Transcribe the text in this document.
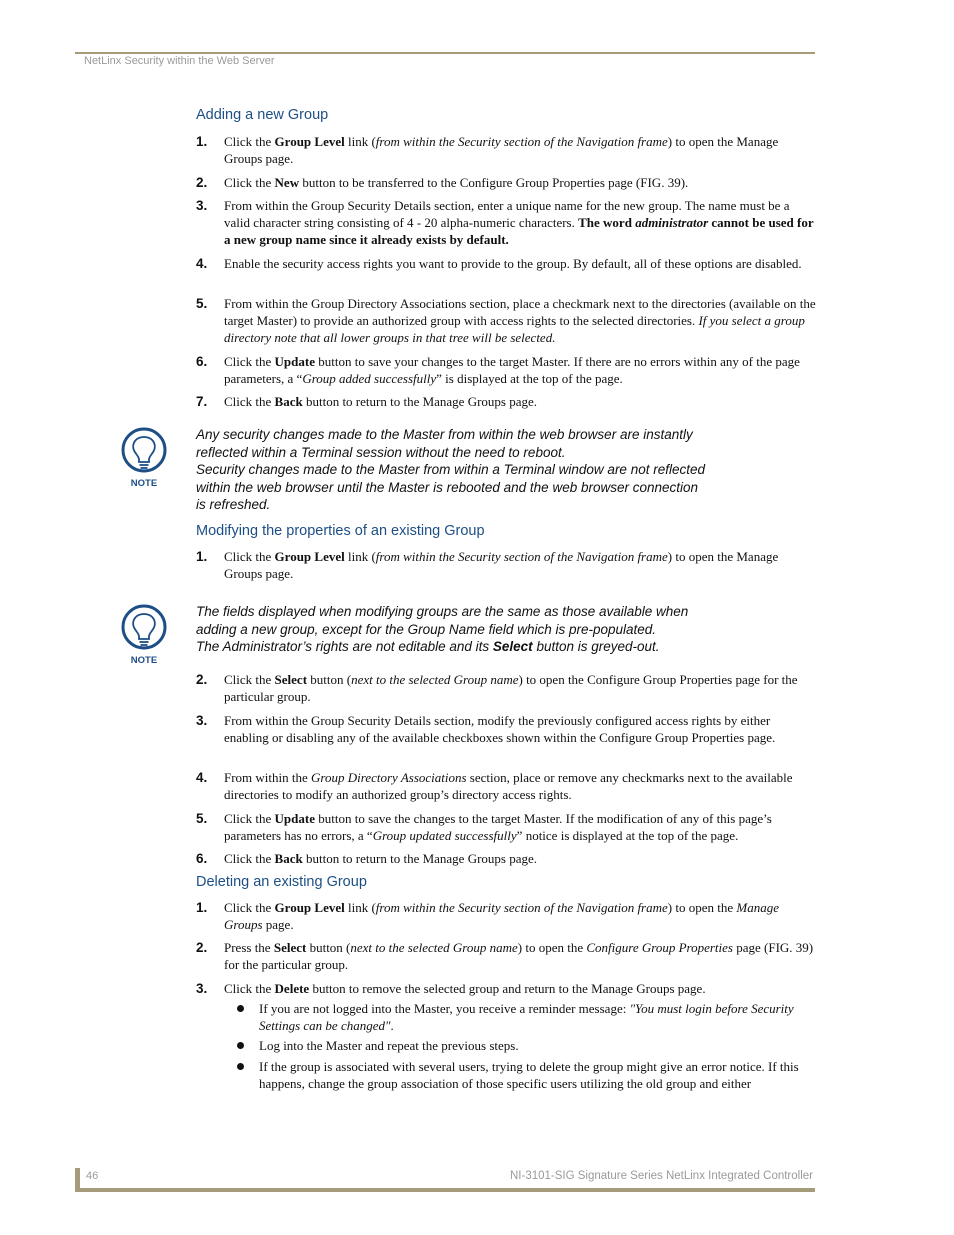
NetLinx Security within the Web Server
Adding a new Group
1. Click the Group Level link (from within the Security section of the Navigation frame) to open the Manage Groups page.
2. Click the New button to be transferred to the Configure Group Properties page (FIG. 39).
3. From within the Group Security Details section, enter a unique name for the new group. The name must be a valid character string consisting of 4 - 20 alpha-numeric characters. The word administrator cannot be used for a new group name since it already exists by default.
4. Enable the security access rights you want to provide to the group. By default, all of these options are disabled.
5. From within the Group Directory Associations section, place a checkmark next to the directories (available on the target Master) to provide an authorized group with access rights to the selected directories. If you select a group directory note that all lower groups in that tree will be selected.
6. Click the Update button to save your changes to the target Master. If there are no errors within any of the page parameters, a “Group added successfully” is displayed at the top of the page.
7. Click the Back button to return to the Manage Groups page.
Modifying the properties of an existing Group
1. Click the Group Level link (from within the Security section of the Navigation frame) to open the Manage Groups page.
2. Click the Select button (next to the selected Group name) to open the Configure Group Properties page for the particular group.
3. From within the Group Security Details section, modify the previously configured access rights by either enabling or disabling any of the available checkboxes shown within the Configure Group Properties page.
4. From within the Group Directory Associations section, place or remove any checkmarks next to the available directories to modify an authorized group’s directory access rights.
5. Click the Update button to save the changes to the target Master. If the modification of any of this page’s parameters has no errors, a “Group updated successfully” notice is displayed at the top of the page.
6. Click the Back button to return to the Manage Groups page.
Deleting an existing Group
1. Click the Group Level link (from within the Security section of the Navigation frame) to open the Manage Groups page.
2. Press the Select button (next to the selected Group name) to open the Configure Group Properties page (FIG. 39) for the particular group.
3. Click the Delete button to remove the selected group and return to the Manage Groups page.
If you are not logged into the Master, you receive a reminder message: "You must login before Security Settings can be changed".
Log into the Master and repeat the previous steps.
If the group is associated with several users, trying to delete the group might give an error notice. If this happens, change the group association of those specific users utilizing the old group and either
NOTE
Any security changes made to the Master from within the web browser are instantly
reflected within a Terminal session without the need to reboot.
Security changes made to the Master from within a Terminal window are not reflected
within the web browser until the Master is rebooted and the web browser connection
is refreshed.
NOTE
The fields displayed when modifying groups are the same as those available when
adding a new group, except for the Group Name field which is pre-populated.
The Administrator’s rights are not editable and its Select button is greyed-out.
46	NI-3101-SIG Signature Series NetLinx Integrated Controller
